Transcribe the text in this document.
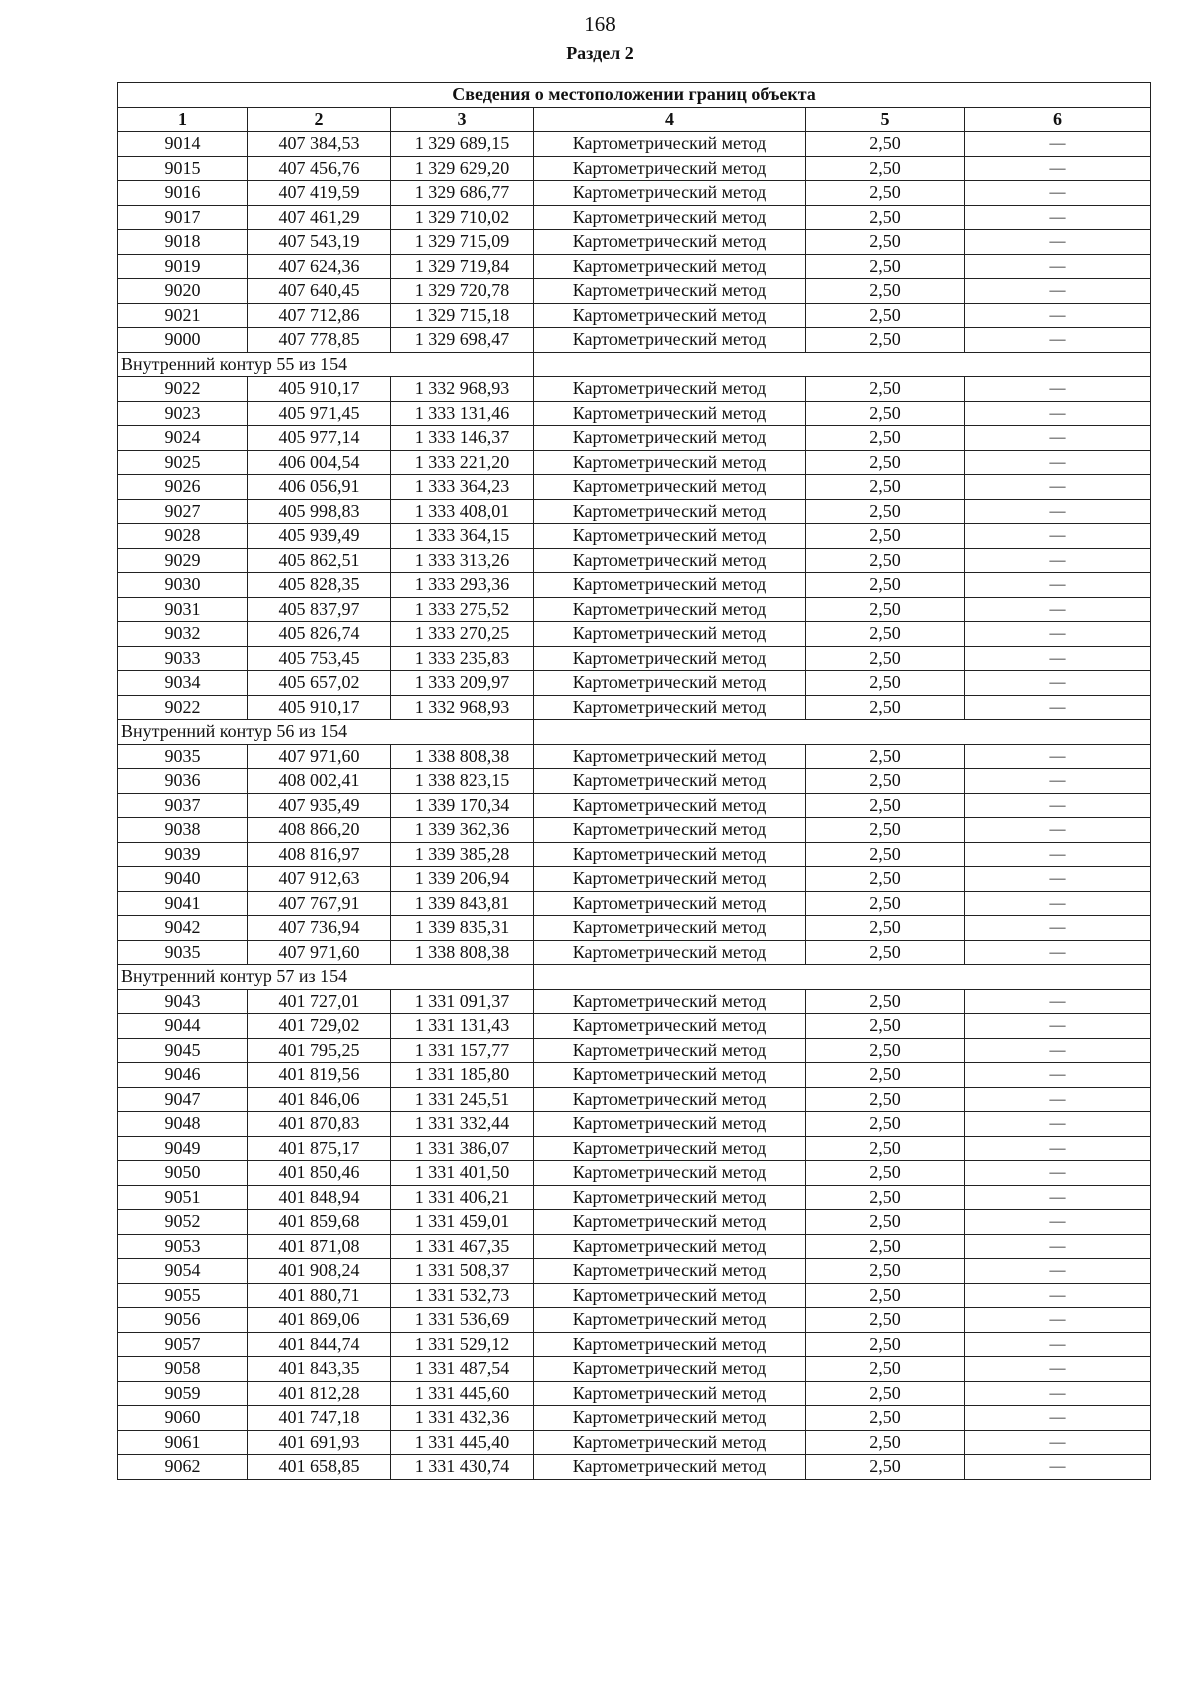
168
Раздел 2
Сведения о местоположении границ объекта					
1	2	3	4	5	6
9014	407 384,53	1 329 689,15	Картометрический метод	2,50	—
9015	407 456,76	1 329 629,20	Картометрический метод	2,50	—
9016	407 419,59	1 329 686,77	Картометрический метод	2,50	—
9017	407 461,29	1 329 710,02	Картометрический метод	2,50	—
9018	407 543,19	1 329 715,09	Картометрический метод	2,50	—
9019	407 624,36	1 329 719,84	Картометрический метод	2,50	—
9020	407 640,45	1 329 720,78	Картометрический метод	2,50	—
9021	407 712,86	1 329 715,18	Картометрический метод	2,50	—
9000	407 778,85	1 329 698,47	Картометрический метод	2,50	—
Внутренний контур 55 из 154					
9022	405 910,17	1 332 968,93	Картометрический метод	2,50	—
9023	405 971,45	1 333 131,46	Картометрический метод	2,50	—
9024	405 977,14	1 333 146,37	Картометрический метод	2,50	—
9025	406 004,54	1 333 221,20	Картометрический метод	2,50	—
9026	406 056,91	1 333 364,23	Картометрический метод	2,50	—
9027	405 998,83	1 333 408,01	Картометрический метод	2,50	—
9028	405 939,49	1 333 364,15	Картометрический метод	2,50	—
9029	405 862,51	1 333 313,26	Картометрический метод	2,50	—
9030	405 828,35	1 333 293,36	Картометрический метод	2,50	—
9031	405 837,97	1 333 275,52	Картометрический метод	2,50	—
9032	405 826,74	1 333 270,25	Картометрический метод	2,50	—
9033	405 753,45	1 333 235,83	Картометрический метод	2,50	—
9034	405 657,02	1 333 209,97	Картометрический метод	2,50	—
9022	405 910,17	1 332 968,93	Картометрический метод	2,50	—
Внутренний контур 56 из 154					
9035	407 971,60	1 338 808,38	Картометрический метод	2,50	—
9036	408 002,41	1 338 823,15	Картометрический метод	2,50	—
9037	407 935,49	1 339 170,34	Картометрический метод	2,50	—
9038	408 866,20	1 339 362,36	Картометрический метод	2,50	—
9039	408 816,97	1 339 385,28	Картометрический метод	2,50	—
9040	407 912,63	1 339 206,94	Картометрический метод	2,50	—
9041	407 767,91	1 339 843,81	Картометрический метод	2,50	—
9042	407 736,94	1 339 835,31	Картометрический метод	2,50	—
9035	407 971,60	1 338 808,38	Картометрический метод	2,50	—
Внутренний контур 57 из 154					
9043	401 727,01	1 331 091,37	Картометрический метод	2,50	—
9044	401 729,02	1 331 131,43	Картометрический метод	2,50	—
9045	401 795,25	1 331 157,77	Картометрический метод	2,50	—
9046	401 819,56	1 331 185,80	Картометрический метод	2,50	—
9047	401 846,06	1 331 245,51	Картометрический метод	2,50	—
9048	401 870,83	1 331 332,44	Картометрический метод	2,50	—
9049	401 875,17	1 331 386,07	Картометрический метод	2,50	—
9050	401 850,46	1 331 401,50	Картометрический метод	2,50	—
9051	401 848,94	1 331 406,21	Картометрический метод	2,50	—
9052	401 859,68	1 331 459,01	Картометрический метод	2,50	—
9053	401 871,08	1 331 467,35	Картометрический метод	2,50	—
9054	401 908,24	1 331 508,37	Картометрический метод	2,50	—
9055	401 880,71	1 331 532,73	Картометрический метод	2,50	—
9056	401 869,06	1 331 536,69	Картометрический метод	2,50	—
9057	401 844,74	1 331 529,12	Картометрический метод	2,50	—
9058	401 843,35	1 331 487,54	Картометрический метод	2,50	—
9059	401 812,28	1 331 445,60	Картометрический метод	2,50	—
9060	401 747,18	1 331 432,36	Картометрический метод	2,50	—
9061	401 691,93	1 331 445,40	Картометрический метод	2,50	—
9062	401 658,85	1 331 430,74	Картометрический метод	2,50	—
